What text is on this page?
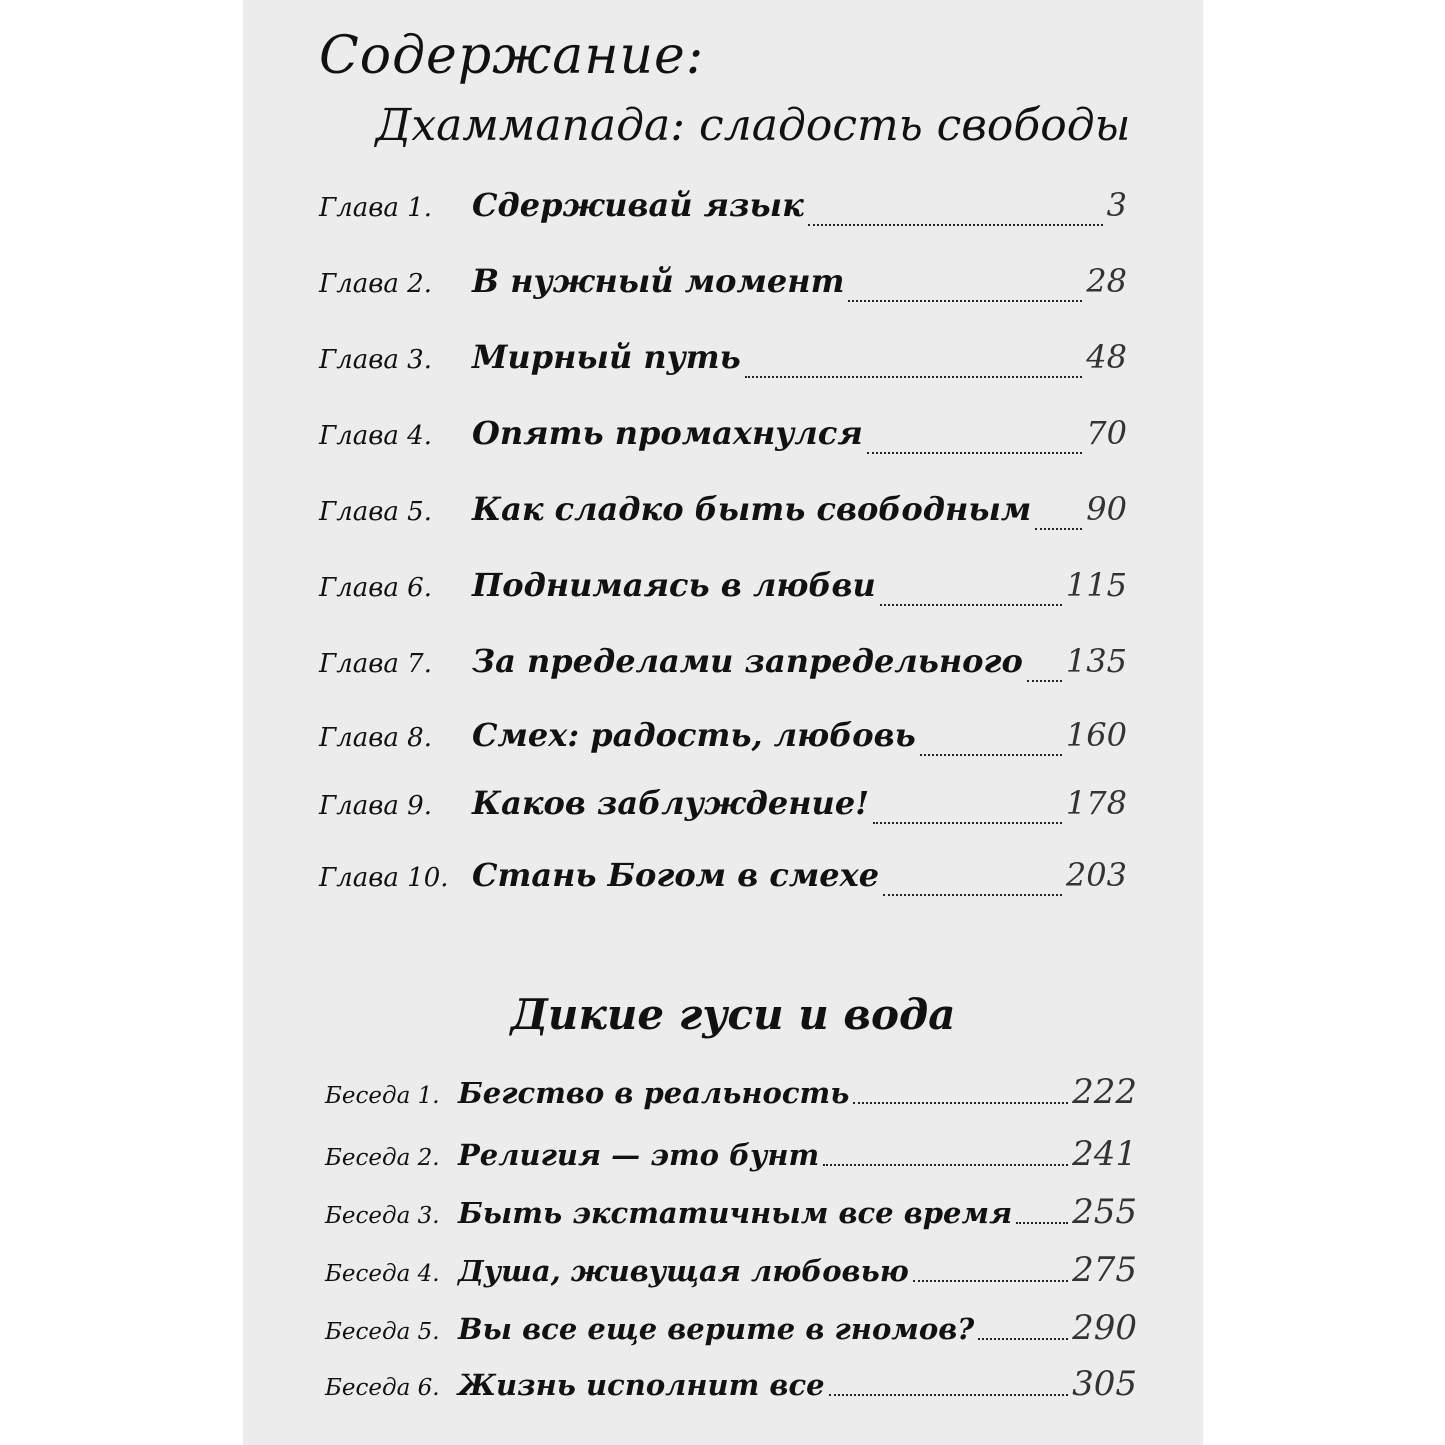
Содержание:
Дхаммапада: сладость свободы
Глава 1.	Сдерживай язык	3
Глава 2.	В нужный момент	28
Глава 3.	Мирный путь	48
Глава 4.	Опять промахнулся	70
Глава 5.	Как сладко быть свободным 90
Глава 6.	Поднимаясь в любви	115
Глава 7.	За пределами запредельного 135
Глава 8.	Смех: радость, любовь	160
Глава 9.	Каков заблуждение!	178
Глава 10. Стань Богом в смехе	203
Дикие гуси и вода
Беседа 1. Бегство в реальность	222
Беседа 2. Религия — это бунт	241
Беседа 3. Быть экстатичным все время 255
Беседа 4. Душа, живущая любовью	275
Беседа 5. Вы все еще верите в гномов?	290
Беседа 6. Жизнь исполнит все	305
